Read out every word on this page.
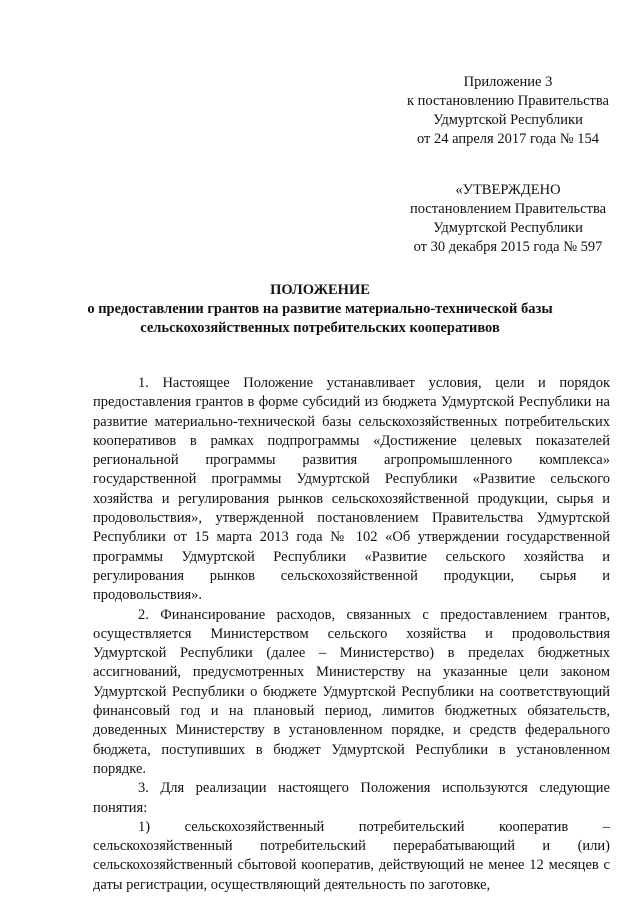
Приложение 3
к постановлению Правительства
Удмуртской Республики
от 24 апреля 2017 года № 154
«УТВЕРЖДЕНО
постановлением Правительства
Удмуртской Республики
от 30 декабря 2015 года № 597
ПОЛОЖЕНИЕ
о предоставлении грантов на развитие материально-технической базы
сельскохозяйственных потребительских кооперативов

1. Настоящее Положение устанавливает условия, цели и порядок предоставления грантов в форме субсидий из бюджета Удмуртской Республики на развитие материально-технической базы сельскохозяйственных потребительских кооперативов в рамках подпрограммы «Достижение целевых показателей региональной программы развития агропромышленного комплекса» государственной программы Удмуртской Республики «Развитие сельского хозяйства и регулирования рынков сельскохозяйственной продукции, сырья и продовольствия», утвержденной постановлением Правительства Удмуртской Республики от 15 марта 2013 года № 102 «Об утверждении государственной программы Удмуртской Республики «Развитие сельского хозяйства и регулирования рынков сельскохозяйственной продукции, сырья и продовольствия».

2. Финансирование расходов, связанных с предоставлением грантов, осуществляется Министерством сельского хозяйства и продовольствия Удмуртской Республики (далее – Министерство) в пределах бюджетных ассигнований, предусмотренных Министерству на указанные цели законом Удмуртской Республики о бюджете Удмуртской Республики на соответствующий финансовый год и на плановый период, лимитов бюджетных обязательств, доведенных Министерству в установленном порядке, и средств федерального бюджета, поступивших в бюджет Удмуртской Республики в установленном порядке.

3. Для реализации настоящего Положения используются следующие понятия:

1) сельскохозяйственный потребительский кооператив – сельскохозяйственный потребительский перерабатывающий и (или) сельскохозяйственный сбытовой кооператив, действующий не менее 12 месяцев с даты регистрации, осуществляющий деятельность по заготовке,
